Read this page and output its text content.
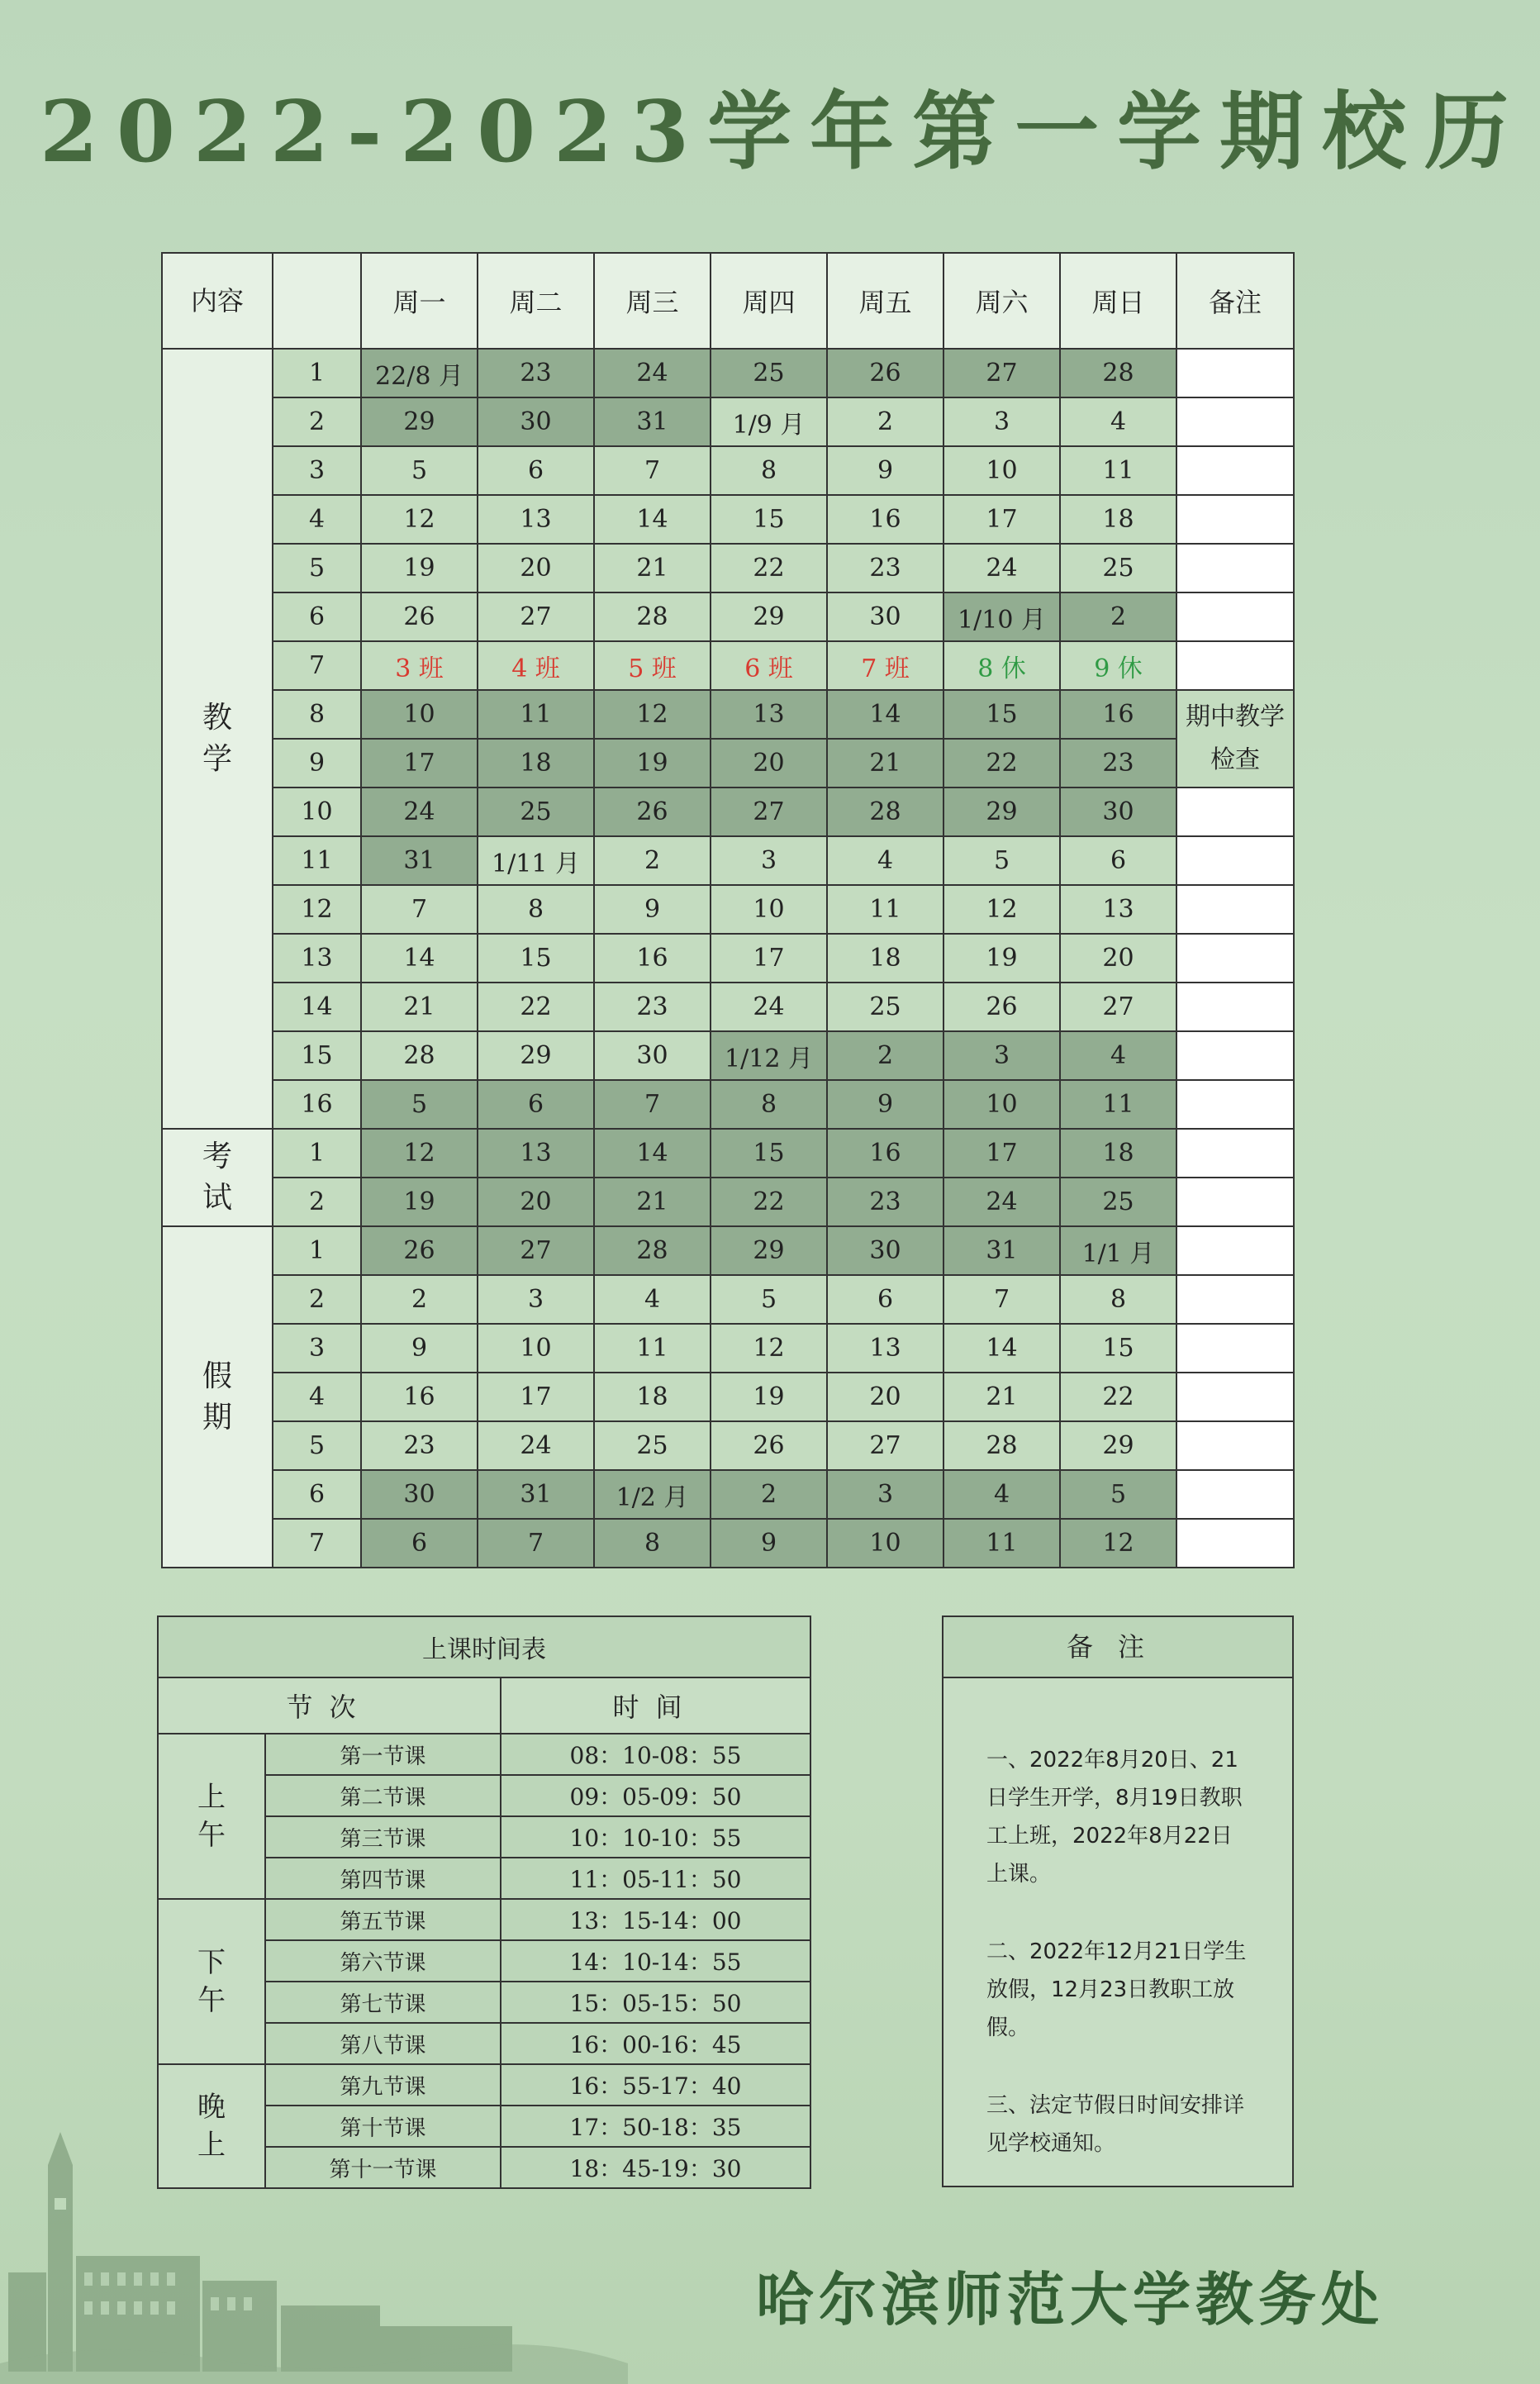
2022-2023学年第一学期校历
内容		周一	周二	周三	周四	周五	周六	周日	备注
教
学	1	22/8 月	23	24	25	26	27	28	
	2	29	30	31	1/9 月	2	3	4	
	3	5	6	7	8	9	10	11	
	4	12	13	14	15	16	17	18	
	5	19	20	21	22	23	24	25	
	6	26	27	28	29	30	1/10 月	2	
	7	3 班	4 班	5 班	6 班	7 班	8 休	9 休	
	8	10	11	12	13	14	15	16	期中教学检查
	9	17	18	19	20	21	22	23	
	10	24	25	26	27	28	29	30	
	11	31	1/11 月	2	3	4	5	6	
	12	7	8	9	10	11	12	13	
	13	14	15	16	17	18	19	20	
	14	21	22	23	24	25	26	27	
	15	28	29	30	1/12 月	2	3	4	
	16	5	6	7	8	9	10	11	
考
试	1	12	13	14	15	16	17	18	
	2	19	20	21	22	23	24	25	
假
期	1	26	27	28	29	30	31	1/1 月	
	2	2	3	4	5	6	7	8	
	3	9	10	11	12	13	14	15	
	4	16	17	18	19	20	21	22	
	5	23	24	25	26	27	28	29	
	6	30	31	1/2 月	2	3	4	5	
	7	6	7	8	9	10	11	12	
上课时间表		
节次		时间
上
午	第一节课	08：10-08：55
	第二节课	09：05-09：50
	第三节课	10：10-10：55
	第四节课	11：05-11：50
下
午	第五节课	13：15-14：00
	第六节课	14：10-14：55
	第七节课	15：05-15：50
	第八节课	16：00-16：45
晚
上	第九节课	16：55-17：40
	第十节课	17：50-18：35
	第十一节课	18：45-19：30
备注

一、2022年8月20日、21日学生开学，8月19日教职工上班，2022年8月22日上课。

二、2022年12月21日学生放假，12月23日教职工放假。

三、法定节假日时间安排详见学校通知。

哈尔滨师范大学教务处
